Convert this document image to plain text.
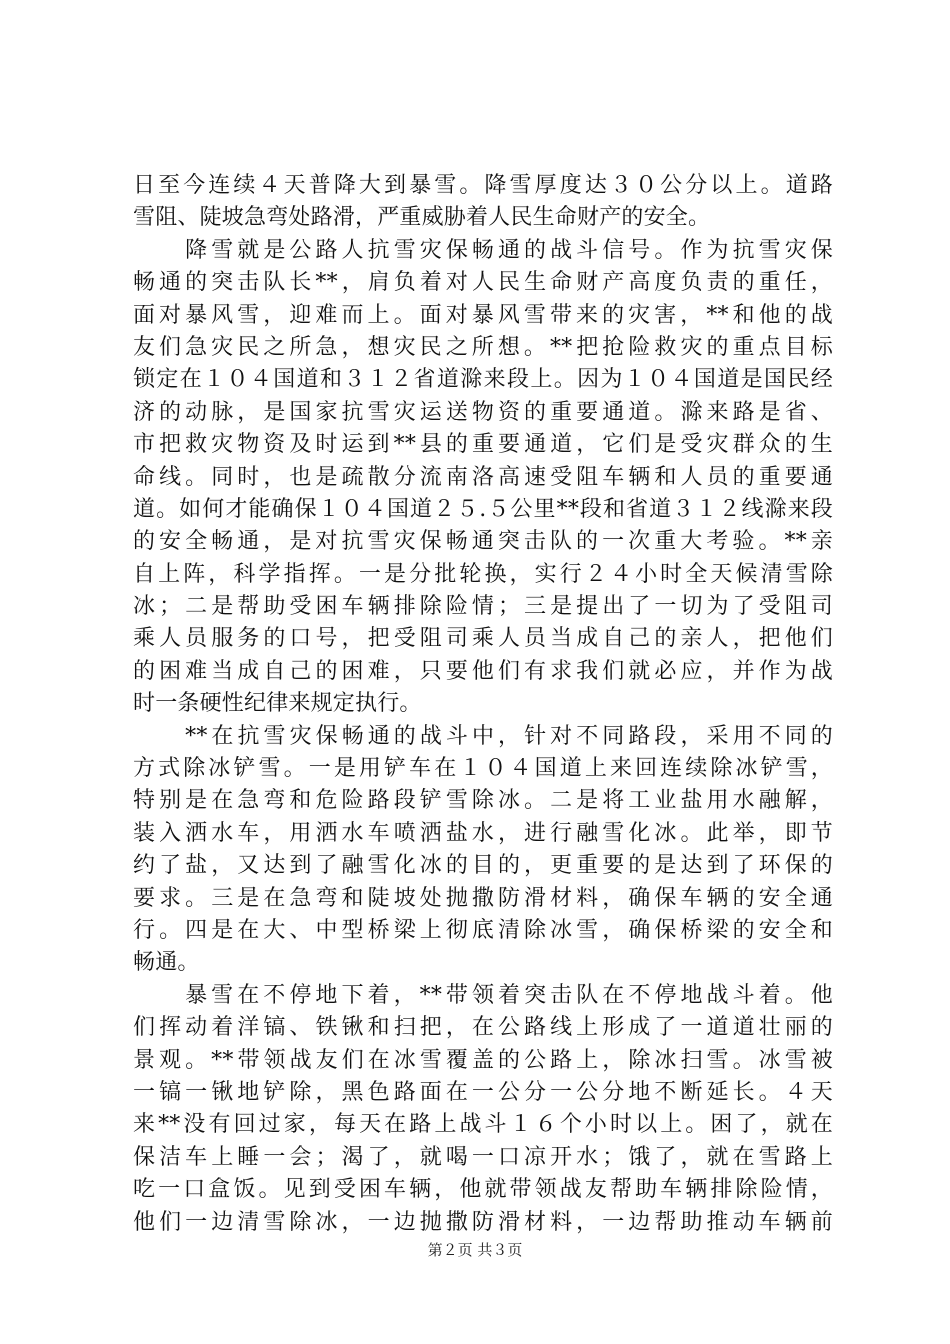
日至今连续４天普降大到暴雪。降雪厚度达３０公分以上。道路
雪阻、陡坡急弯处路滑，严重威胁着人民生命财产的安全。
　　降雪就是公路人抗雪灾保畅通的战斗信号。作为抗雪灾保
畅通的突击队长**，肩负着对人民生命财产高度负责的重任，
面对暴风雪，迎难而上。面对暴风雪带来的灾害，**和他的战
友们急灾民之所急，想灾民之所想。**把抢险救灾的重点目标
锁定在１０４国道和３１２省道滁来段上。因为１０４国道是国民经
济的动脉，是国家抗雪灾运送物资的重要通道。滁来路是省、
市把救灾物资及时运到**县的重要通道，它们是受灾群众的生
命线。同时，也是疏散分流南洛高速受阻车辆和人员的重要通
道。如何才能确保１０４国道２５.５公里**段和省道３１２线滁来段
的安全畅通，是对抗雪灾保畅通突击队的一次重大考验。**亲
自上阵，科学指挥。一是分批轮换，实行２４小时全天候清雪除
冰；二是帮助受困车辆排除险情；三是提出了一切为了受阻司
乘人员服务的口号，把受阻司乘人员当成自己的亲人，把他们
的困难当成自己的困难，只要他们有求我们就必应，并作为战
时一条硬性纪律来规定执行。
　　**在抗雪灾保畅通的战斗中，针对不同路段，采用不同的
方式除冰铲雪。一是用铲车在１０４国道上来回连续除冰铲雪，
特别是在急弯和危险路段铲雪除冰。二是将工业盐用水融解，
装入洒水车，用洒水车喷洒盐水，进行融雪化冰。此举，即节
约了盐，又达到了融雪化冰的目的，更重要的是达到了环保的
要求。三是在急弯和陡坡处抛撒防滑材料，确保车辆的安全通
行。四是在大、中型桥梁上彻底清除冰雪，确保桥梁的安全和
畅通。
　　暴雪在不停地下着，**带领着突击队在不停地战斗着。他
们挥动着洋镐、铁锹和扫把，在公路线上形成了一道道壮丽的
景观。**带领战友们在冰雪覆盖的公路上，除冰扫雪。冰雪被
一镐一锹地铲除，黑色路面在一公分一公分地不断延长。４天
来**没有回过家，每天在路上战斗１６个小时以上。困了，就在
保洁车上睡一会；渴了，就喝一口凉开水；饿了，就在雪路上
吃一口盒饭。见到受困车辆，他就带领战友帮助车辆排除险情，
他们一边清雪除冰，一边抛撒防滑材料，一边帮助推动车辆前
第２页 共３页
